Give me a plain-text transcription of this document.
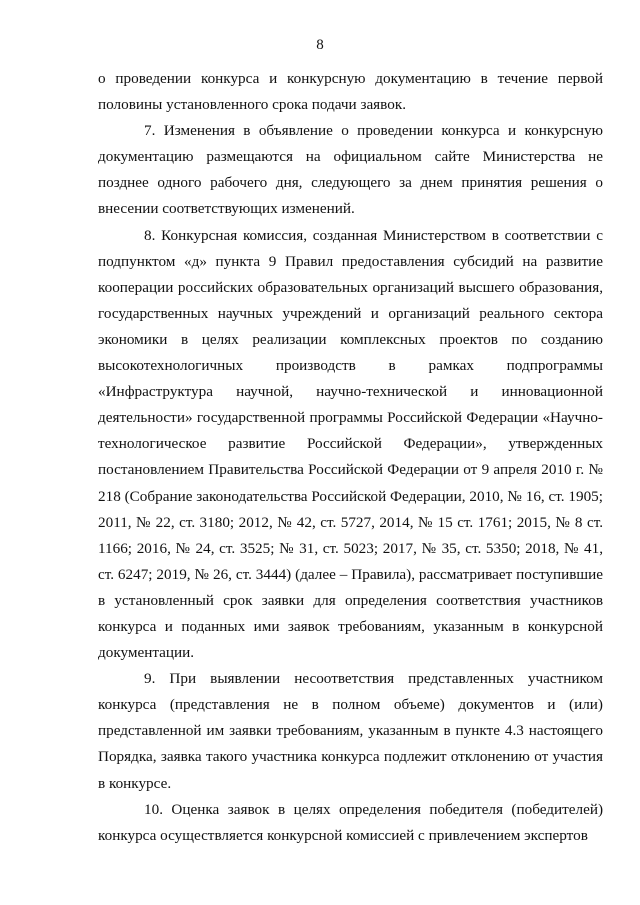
8

о проведении конкурса и конкурсную документацию в течение первой половины установленного срока подачи заявок.

7. Изменения в объявление о проведении конкурса и конкурсную документацию размещаются на официальном сайте Министерства не позднее одного рабочего дня, следующего за днем принятия решения о внесении соответствующих изменений.

8. Конкурсная комиссия, созданная Министерством в соответствии с подпунктом «д» пункта 9 Правил предоставления субсидий на развитие кооперации российских образовательных организаций высшего образования, государственных научных учреждений и организаций реального сектора экономики в целях реализации комплексных проектов по созданию высокотехнологичных производств в рамках подпрограммы «Инфраструктура научной, научно-технической и инновационной деятельности» государственной программы Российской Федерации «Научно-технологическое развитие Российской Федерации», утвержденных постановлением Правительства Российской Федерации от 9 апреля 2010 г. № 218 (Собрание законодательства Российской Федерации, 2010, № 16, ст. 1905; 2011, № 22, ст. 3180; 2012, № 42, ст. 5727, 2014, № 15 ст. 1761; 2015, № 8 ст. 1166; 2016, № 24, ст. 3525; № 31, ст. 5023; 2017, № 35, ст. 5350; 2018, № 41, ст. 6247; 2019, № 26, ст. 3444) (далее – Правила), рассматривает поступившие в установленный срок заявки для определения соответствия участников конкурса и поданных ими заявок требованиям, указанным в конкурсной документации.

9. При выявлении несоответствия представленных участником конкурса (представления не в полном объеме) документов и (или) представленной им заявки требованиям, указанным в пункте 4.3 настоящего Порядка, заявка такого участника конкурса подлежит отклонению от участия в конкурсе.

10. Оценка заявок в целях определения победителя (победителей) конкурса осуществляется конкурсной комиссией с привлечением экспертов
